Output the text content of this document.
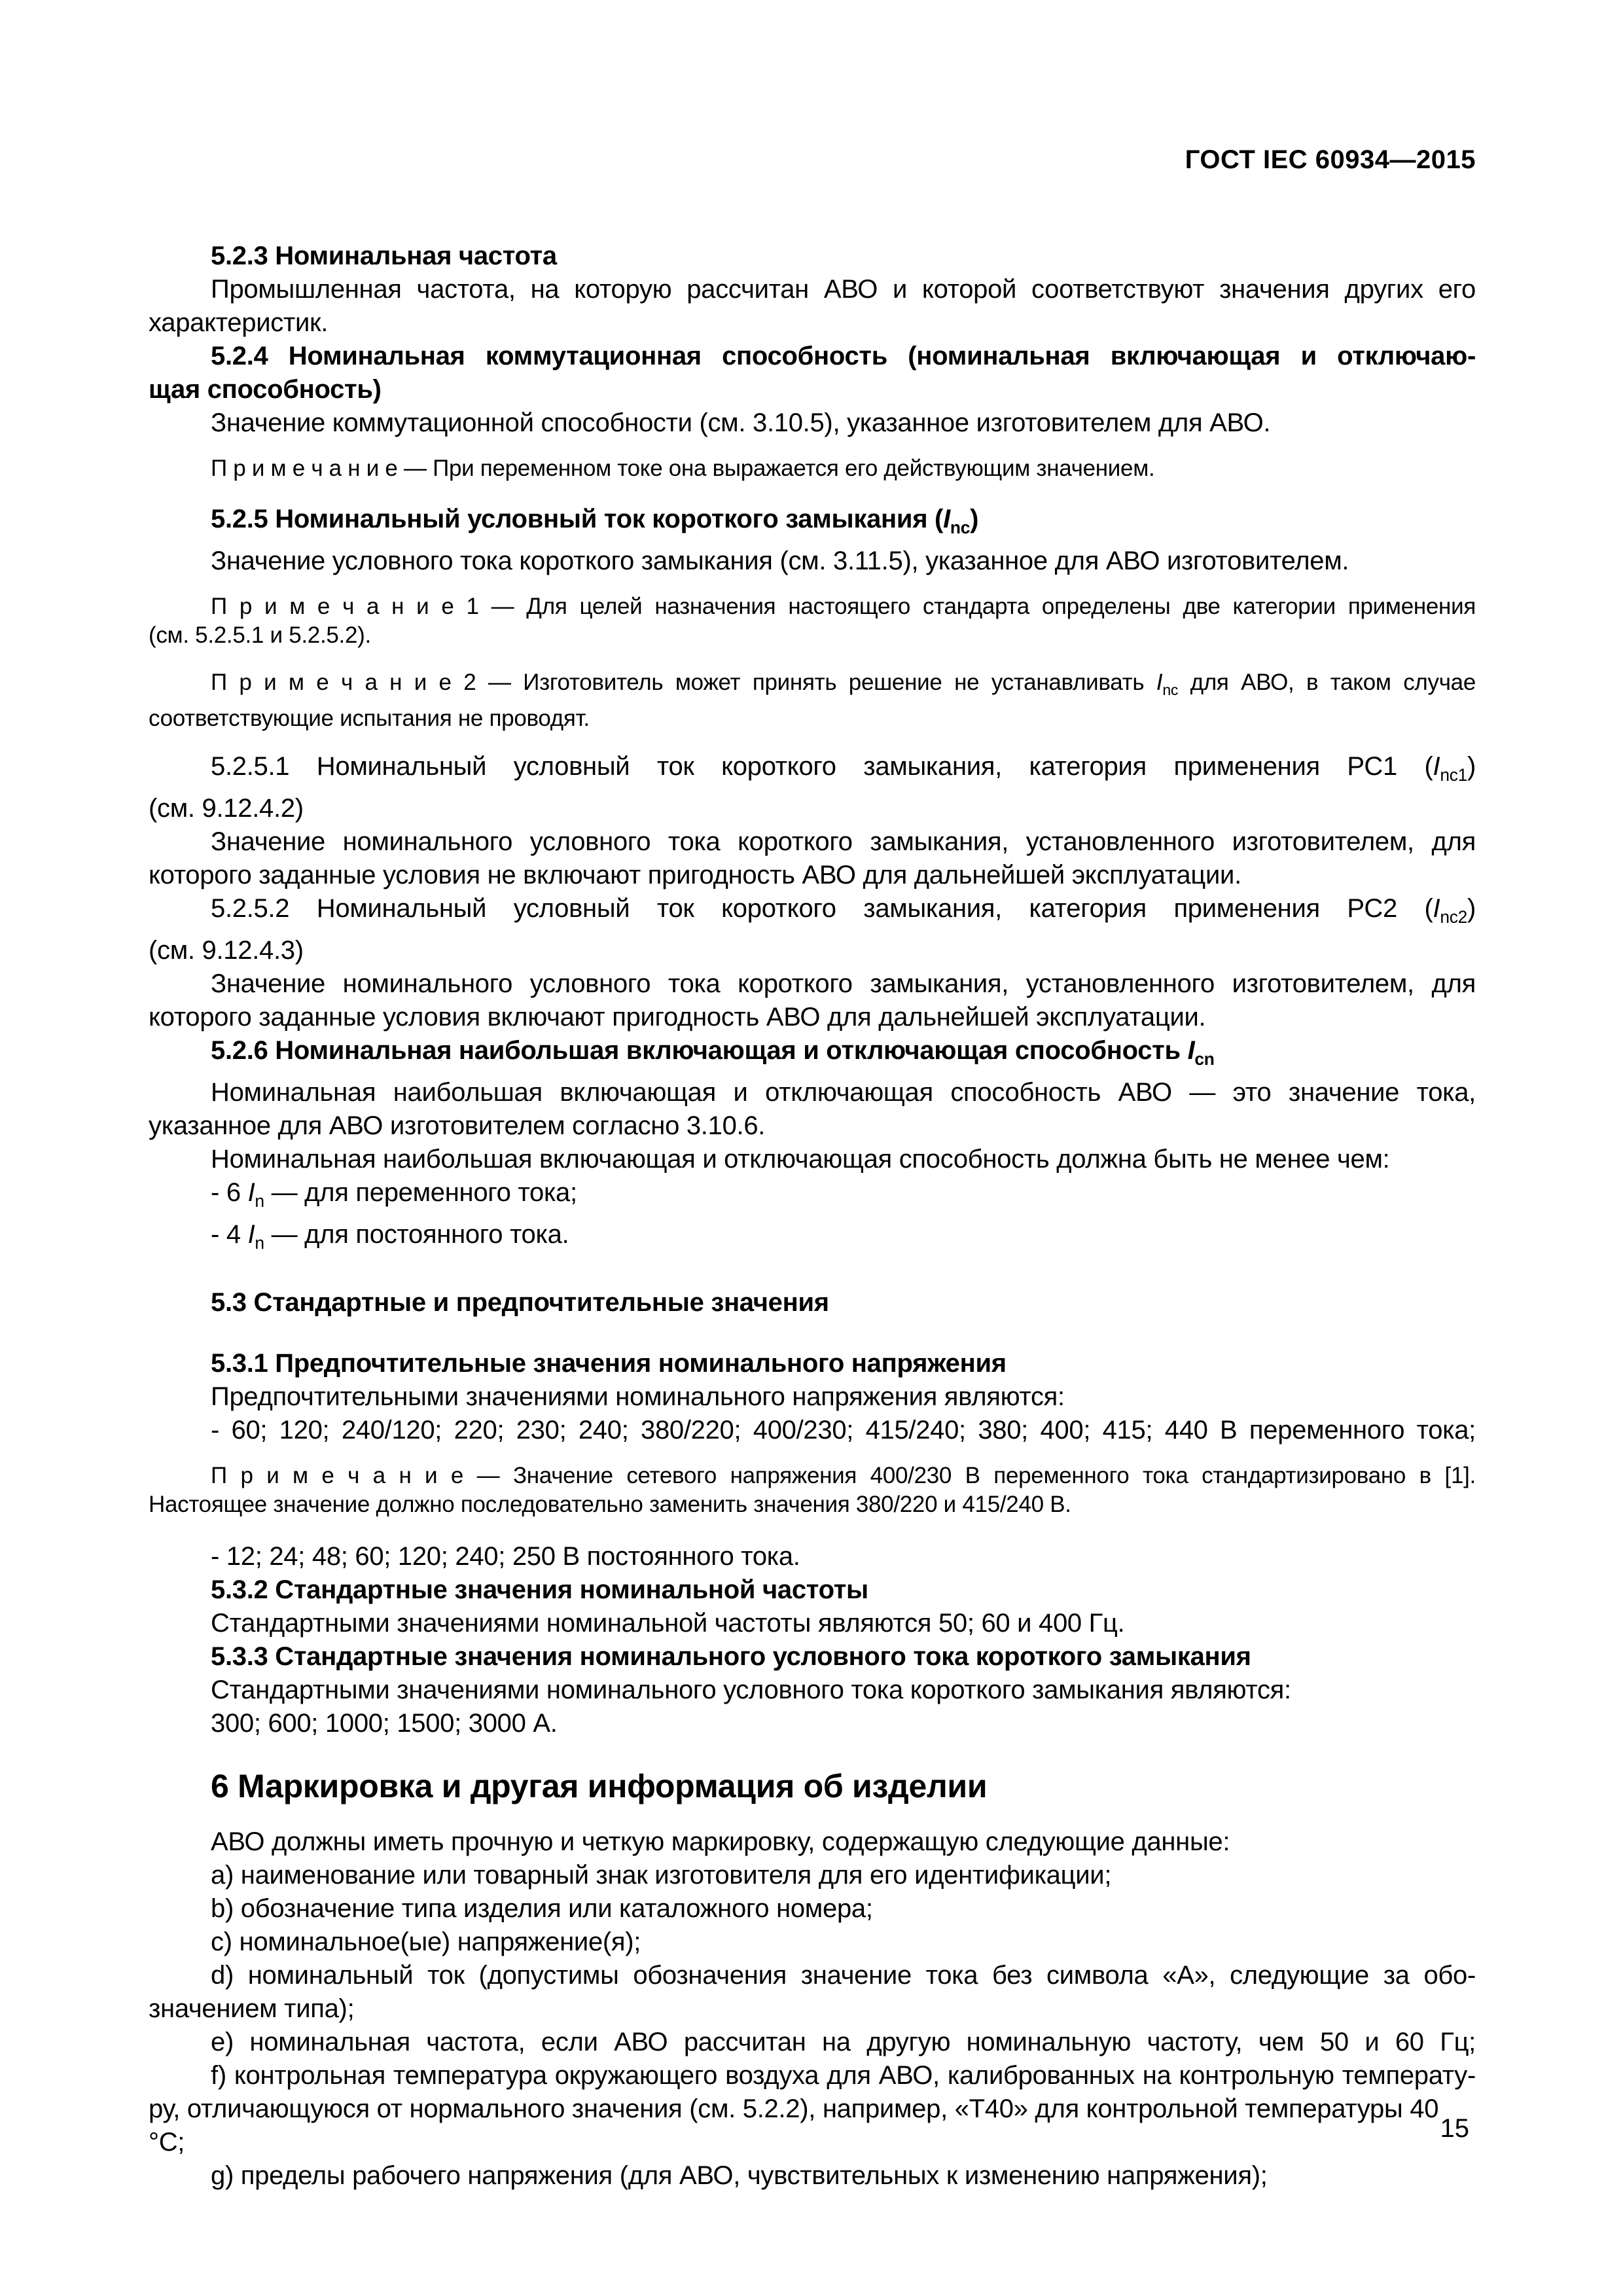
ГОСТ IEC 60934—2015
5.2.3 Номинальная частота
Промышленная частота, на которую рассчитан АВО и которой соответствуют значения других его
характеристик.
5.2.4 Номинальная коммутационная способность (номинальная включающая и отключаю-
щая способность)
Значение коммутационной способности (см. 3.10.5), указанное изготовителем для АВО.
П р и м е ч а н и е — При переменном токе она выражается его действующим значением.
5.2.5 Номинальный условный ток короткого замыкания $(I_{nc})$
Значение условного тока короткого замыкания (см. 3.11.5), указанное для АВО изготовителем.
П р и м е ч а н и е 1 — Для целей назначения настоящего стандарта определены две категории применения
(см. 5.2.5.1 и 5.2.5.2).
П р и м е ч а н и е 2 — Изготовитель может принять решение не устанавливать $I_{nc}$ для АВО, в таком случае
соответствующие испытания не проводят.
5.2.5.1 Номинальный условный ток короткого замыкания, категория применения РС1 $(I_{nc1})$
(см. 9.12.4.2)
Значение номинального условного тока короткого замыкания, установленного изготовителем, для
которого заданные условия не включают пригодность АВО для дальнейшей эксплуатации.
5.2.5.2 Номинальный условный ток короткого замыкания, категория применения РС2 $(I_{nc2})$
(см. 9.12.4.3)
Значение номинального условного тока короткого замыкания, установленного изготовителем, для
которого заданные условия включают пригодность АВО для дальнейшей эксплуатации.
5.2.6 Номинальная наибольшая включающая и отключающая способность $I_{cn}$
Номинальная наибольшая включающая и отключающая способность АВО — это значение тока,
указанное для АВО изготовителем согласно 3.10.6.
Номинальная наибольшая включающая и отключающая способность должна быть не менее чем:
- 6 $I_n$ — для переменного тока;
- 4 $I_n$ — для постоянного тока.
5.3 Стандартные и предпочтительные значения
5.3.1 Предпочтительные значения номинального напряжения
Предпочтительными значениями номинального напряжения являются:
- 60; 120; 240/120; 220; 230; 240; 380/220; 400/230; 415/240; 380; 400; 415; 440 В переменного тока;
П р и м е ч а н и е — Значение сетевого напряжения 400/230 В переменного тока стандартизировано в [1].
Настоящее значение должно последовательно заменить значения 380/220 и 415/240 В.
- 12; 24; 48; 60; 120; 240; 250 В постоянного тока.
5.3.2 Стандартные значения номинальной частоты
Стандартными значениями номинальной частоты являются 50; 60 и 400 Гц.
5.3.3 Стандартные значения номинального условного тока короткого замыкания
Стандартными значениями номинального условного тока короткого замыкания являются:
300; 600; 1000; 1500; 3000 А.
6 Маркировка и другая информация об изделии
АВО должны иметь прочную и четкую маркировку, содержащую следующие данные:
a) наименование или товарный знак изготовителя для его идентификации;
b) обозначение типа изделия или каталожного номера;
c) номинальное(ые) напряжение(я);
d) номинальный ток (допустимы обозначения значение тока без символа «А», следующие за обо-
значением типа);
e) номинальная частота, если АВО рассчитан на другую номинальную частоту, чем 50 и 60 Гц;
f) контрольная температура окружающего воздуха для АВО, калиброванных на контрольную температу-
ру, отличающуюся от нормального значения (см. 5.2.2), например, «Т40» для контрольной температуры 40 °С;
g) пределы рабочего напряжения (для АВО, чувствительных к изменению напряжения);
15
